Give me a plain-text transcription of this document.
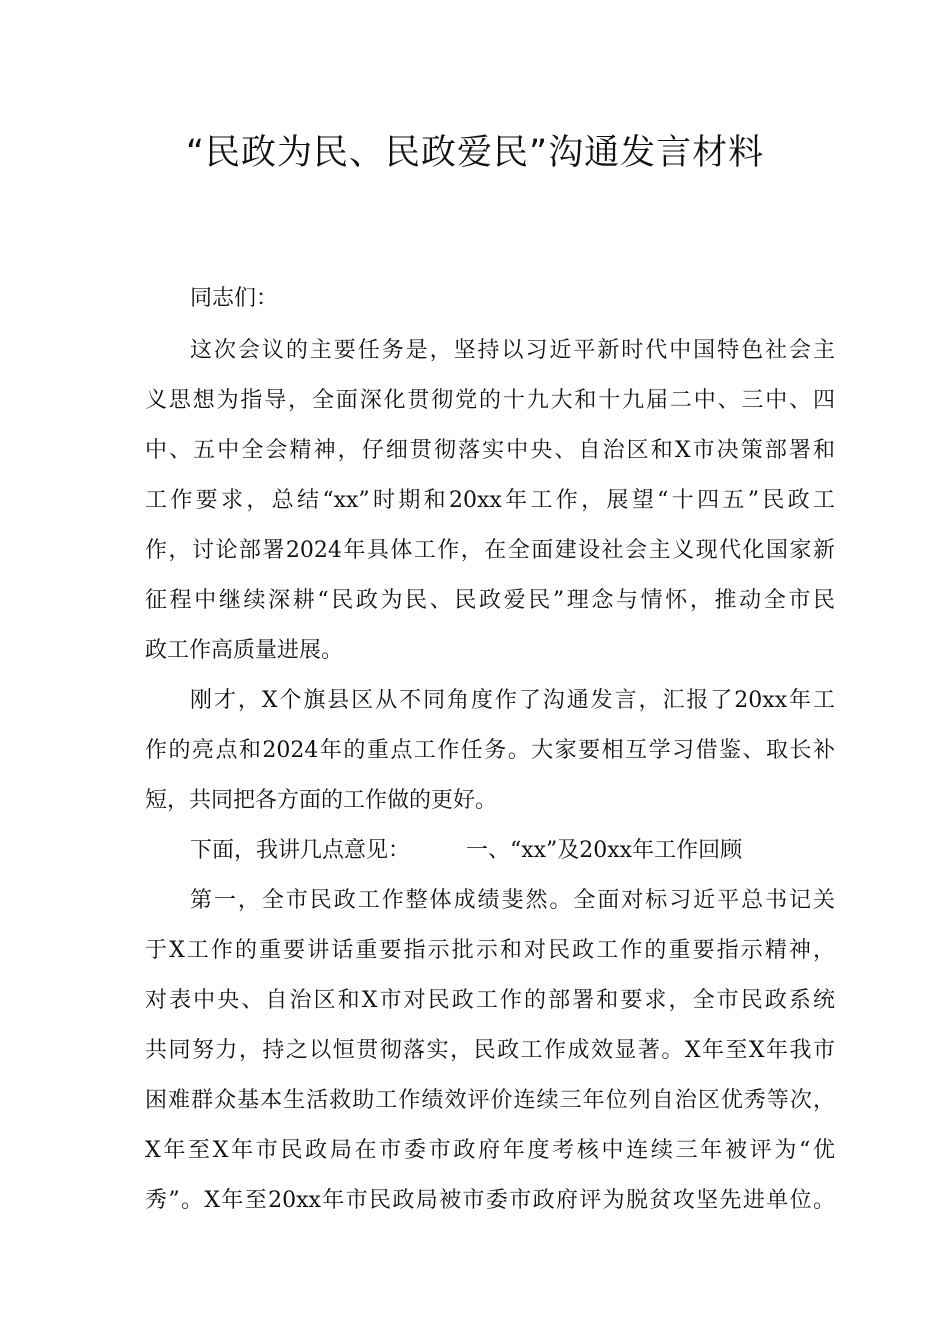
“民政为民、民政爱民”沟通发言材料
同志们：
这次会议的主要任务是，坚持以习近平新时代中国特色社会主
义思想为指导，全面深化贯彻党的十九大和十九届二中、三中、四
中、五中全会精神，仔细贯彻落实中央、自治区和X市决策部署和
工作要求，总结“xx”时期和20xx年工作，展望“十四五”民政工
作，讨论部署2024年具体工作，在全面建设社会主义现代化国家新
征程中继续深耕“民政为民、民政爱民”理念与情怀，推动全市民
政工作高质量进展。
刚才，X个旗县区从不同角度作了沟通发言，汇报了20xx年工
作的亮点和2024年的重点工作任务。大家要相互学习借鉴、取长补
短，共同把各方面的工作做的更好。
下面，我讲几点意见：        一、“xx”及20xx年工作回顾
第一，全市民政工作整体成绩斐然。全面对标习近平总书记关
于X工作的重要讲话重要指示批示和对民政工作的重要指示精神，
对表中央、自治区和X市对民政工作的部署和要求，全市民政系统
共同努力，持之以恒贯彻落实，民政工作成效显著。X年至X年我市
困难群众基本生活救助工作绩效评价连续三年位列自治区优秀等次，
X年至X年市民政局在市委市政府年度考核中连续三年被评为“优
秀”。X年至20xx年市民政局被市委市政府评为脱贫攻坚先进单位。
